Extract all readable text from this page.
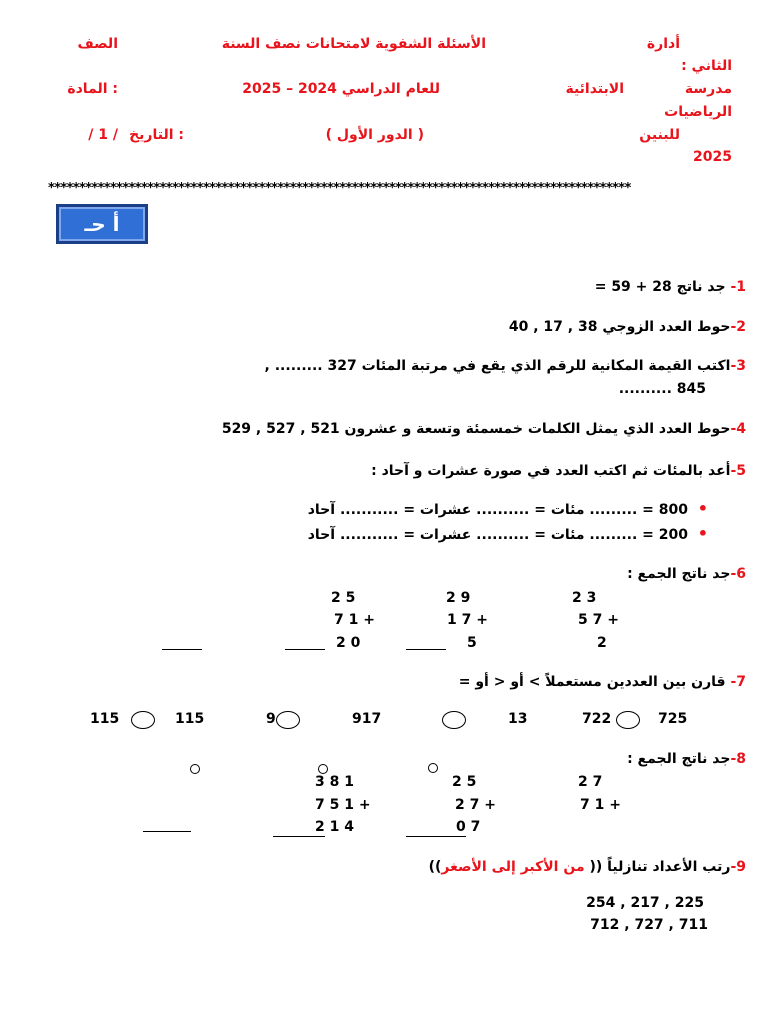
أدارة
الأسئلة الشفوية لامتحانات نصف السنة
الصف
: الثاني
مدرسة
الابتدائية
للعام الدراسي 2024 – 2025
المادة :
الرياضيات
للبنين
( الدور الأول )
التاريخ :
/ 1 /
2025
**********************************************************************************************
أ حـ
1- جد ناتج 28 + 59 =
2-حوط العدد الزوجي 38 , 17 , 40
3-اكتب القيمة المكانية للرقم الذي يقع في مرتبة المئات 327 ......... ,
845 ..........
4-حوط العدد الذي يمثل الكلمات خمسمئة وتسعة و عشرون 521 , 527 , 529
5-أعد بالمئات ثم اكتب العدد في صورة عشرات و آحاد :
•  800 = ......... مئات = .......... عشرات = ........... آحاد
•  200 = ......... مئات = .......... عشرات = ........... آحاد
6-جد ناتج الجمع :
2 3
+ 7 5
2
2 9
+ 7 1
5
2 5
+ 1 7
2 0
7- قارن بين العددين مستعملاً > أو < أو =
725
722
13
917
9
115
115
8-جد ناتج الجمع :
2 7
+ 1 7
2 5
+ 7 2
0 7
3 8 1
+ 1 5 7
2 1 4
9-رتب الأعداد تنازلياً (( من الأكبر إلى الأصغر))
225 , 217 , 254
711 , 727 , 712
